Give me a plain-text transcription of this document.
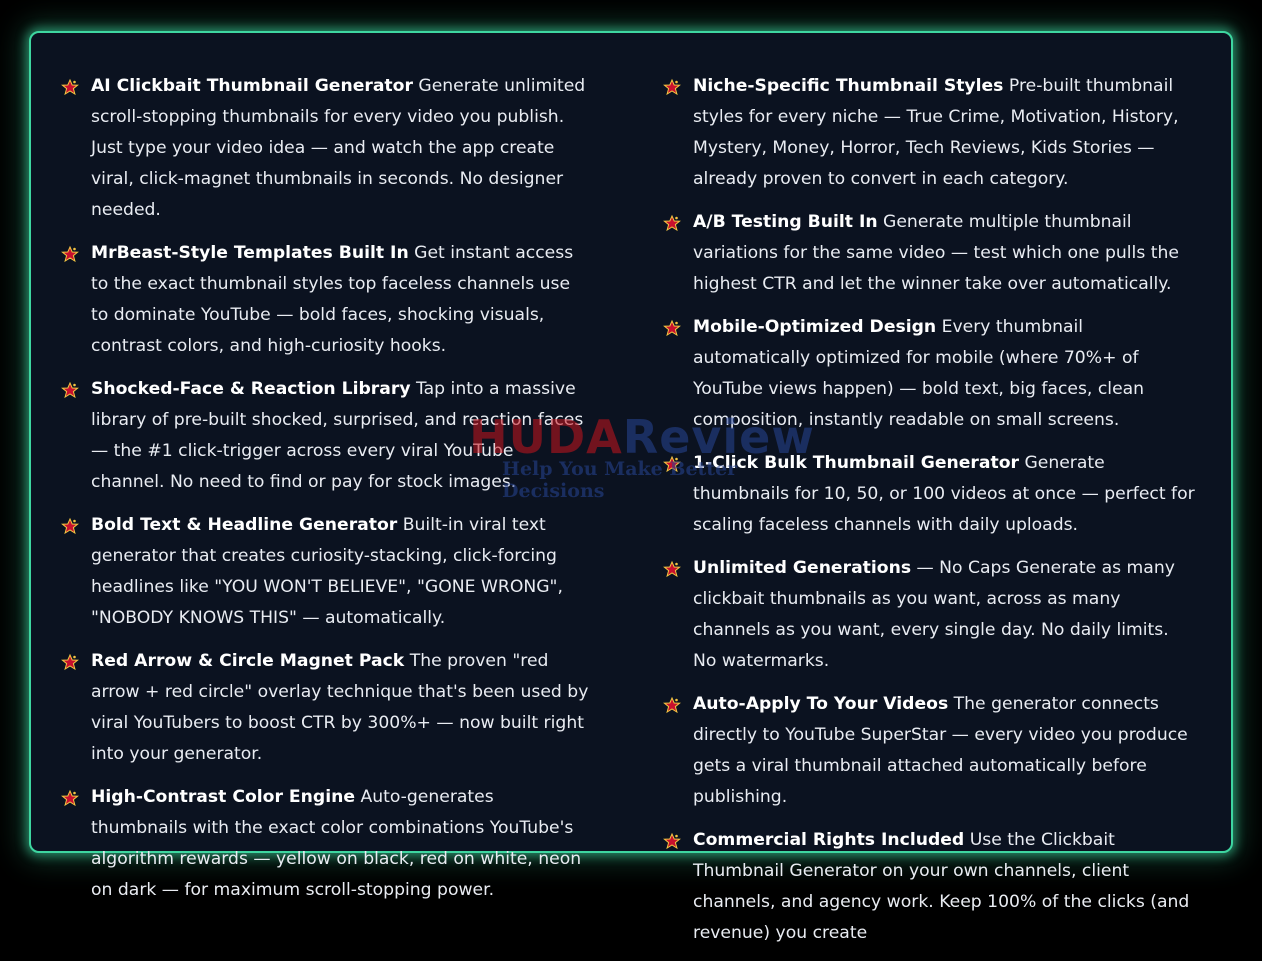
AI Clickbait Thumbnail Generator Generate unlimited scroll-stopping thumbnails for every video you publish. Just type your video idea — and watch the app create viral, click-magnet thumbnails in seconds. No designer needed.
MrBeast-Style Templates Built In Get instant access to the exact thumbnail styles top faceless channels use to dominate YouTube — bold faces, shocking visuals, contrast colors, and high-curiosity hooks.
Shocked-Face & Reaction Library Tap into a massive library of pre-built shocked, surprised, and reaction faces — the #1 click-trigger across every viral YouTube channel. No need to find or pay for stock images.
Bold Text & Headline Generator Built-in viral text generator that creates curiosity-stacking, click-forcing headlines like "YOU WON'T BELIEVE", "GONE WRONG", "NOBODY KNOWS THIS" — automatically.
Red Arrow & Circle Magnet Pack The proven "red arrow + red circle" overlay technique that's been used by viral YouTubers to boost CTR by 300%+ — now built right into your generator.
High-Contrast Color Engine Auto-generates thumbnails with the exact color combinations YouTube's algorithm rewards — yellow on black, red on white, neon on dark — for maximum scroll-stopping power.
Niche-Specific Thumbnail Styles Pre-built thumbnail styles for every niche — True Crime, Motivation, History, Mystery, Money, Horror, Tech Reviews, Kids Stories — already proven to convert in each category.
A/B Testing Built In Generate multiple thumbnail variations for the same video — test which one pulls the highest CTR and let the winner take over automatically.
Mobile-Optimized Design Every thumbnail automatically optimized for mobile (where 70%+ of YouTube views happen) — bold text, big faces, clean composition, instantly readable on small screens.
1-Click Bulk Thumbnail Generator Generate thumbnails for 10, 50, or 100 videos at once — perfect for scaling faceless channels with daily uploads.
Unlimited Generations — No Caps Generate as many clickbait thumbnails as you want, across as many channels as you want, every single day. No daily limits. No watermarks.
Auto-Apply To Your Videos The generator connects directly to YouTube SuperStar — every video you produce gets a viral thumbnail attached automatically before publishing.
Commercial Rights Included Use the Clickbait Thumbnail Generator on your own channels, client channels, and agency work. Keep 100% of the clicks (and revenue) you create
HUDAReview
Help You Make Better Decisions
